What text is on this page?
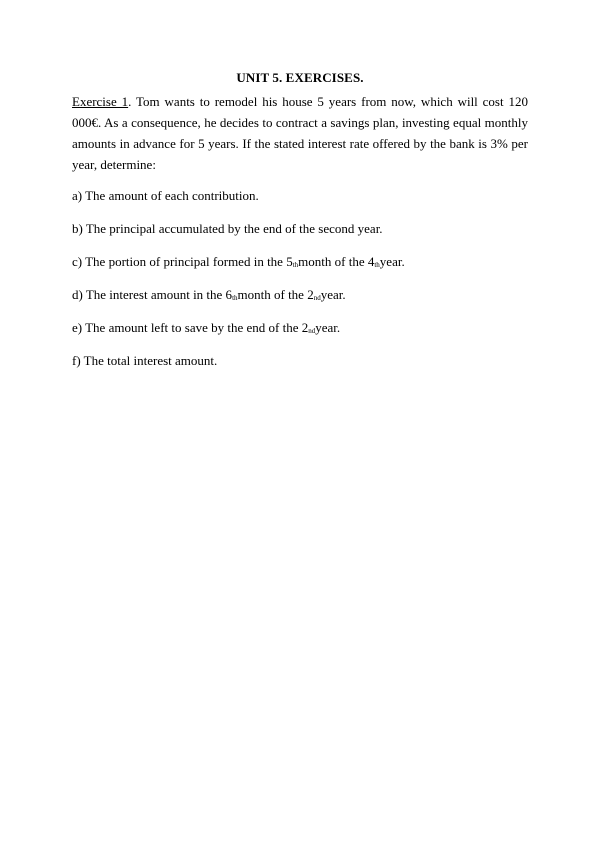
UNIT 5. EXERCISES.
Exercise 1. Tom wants to remodel his house 5 years from now, which will cost 120 000€. As a consequence, he decides to contract a savings plan, investing equal monthly amounts in advance for 5 years. If the stated interest rate offered by the bank is 3% per year, determine:
a) The amount of each contribution.
b) The principal accumulated by the end of the second year.
c) The portion of principal formed in the 5thmonth of the 4thyear.
d) The interest amount in the 6thmonth of the 2ndyear.
e) The amount left to save by the end of the 2ndyear.
f) The total interest amount.
